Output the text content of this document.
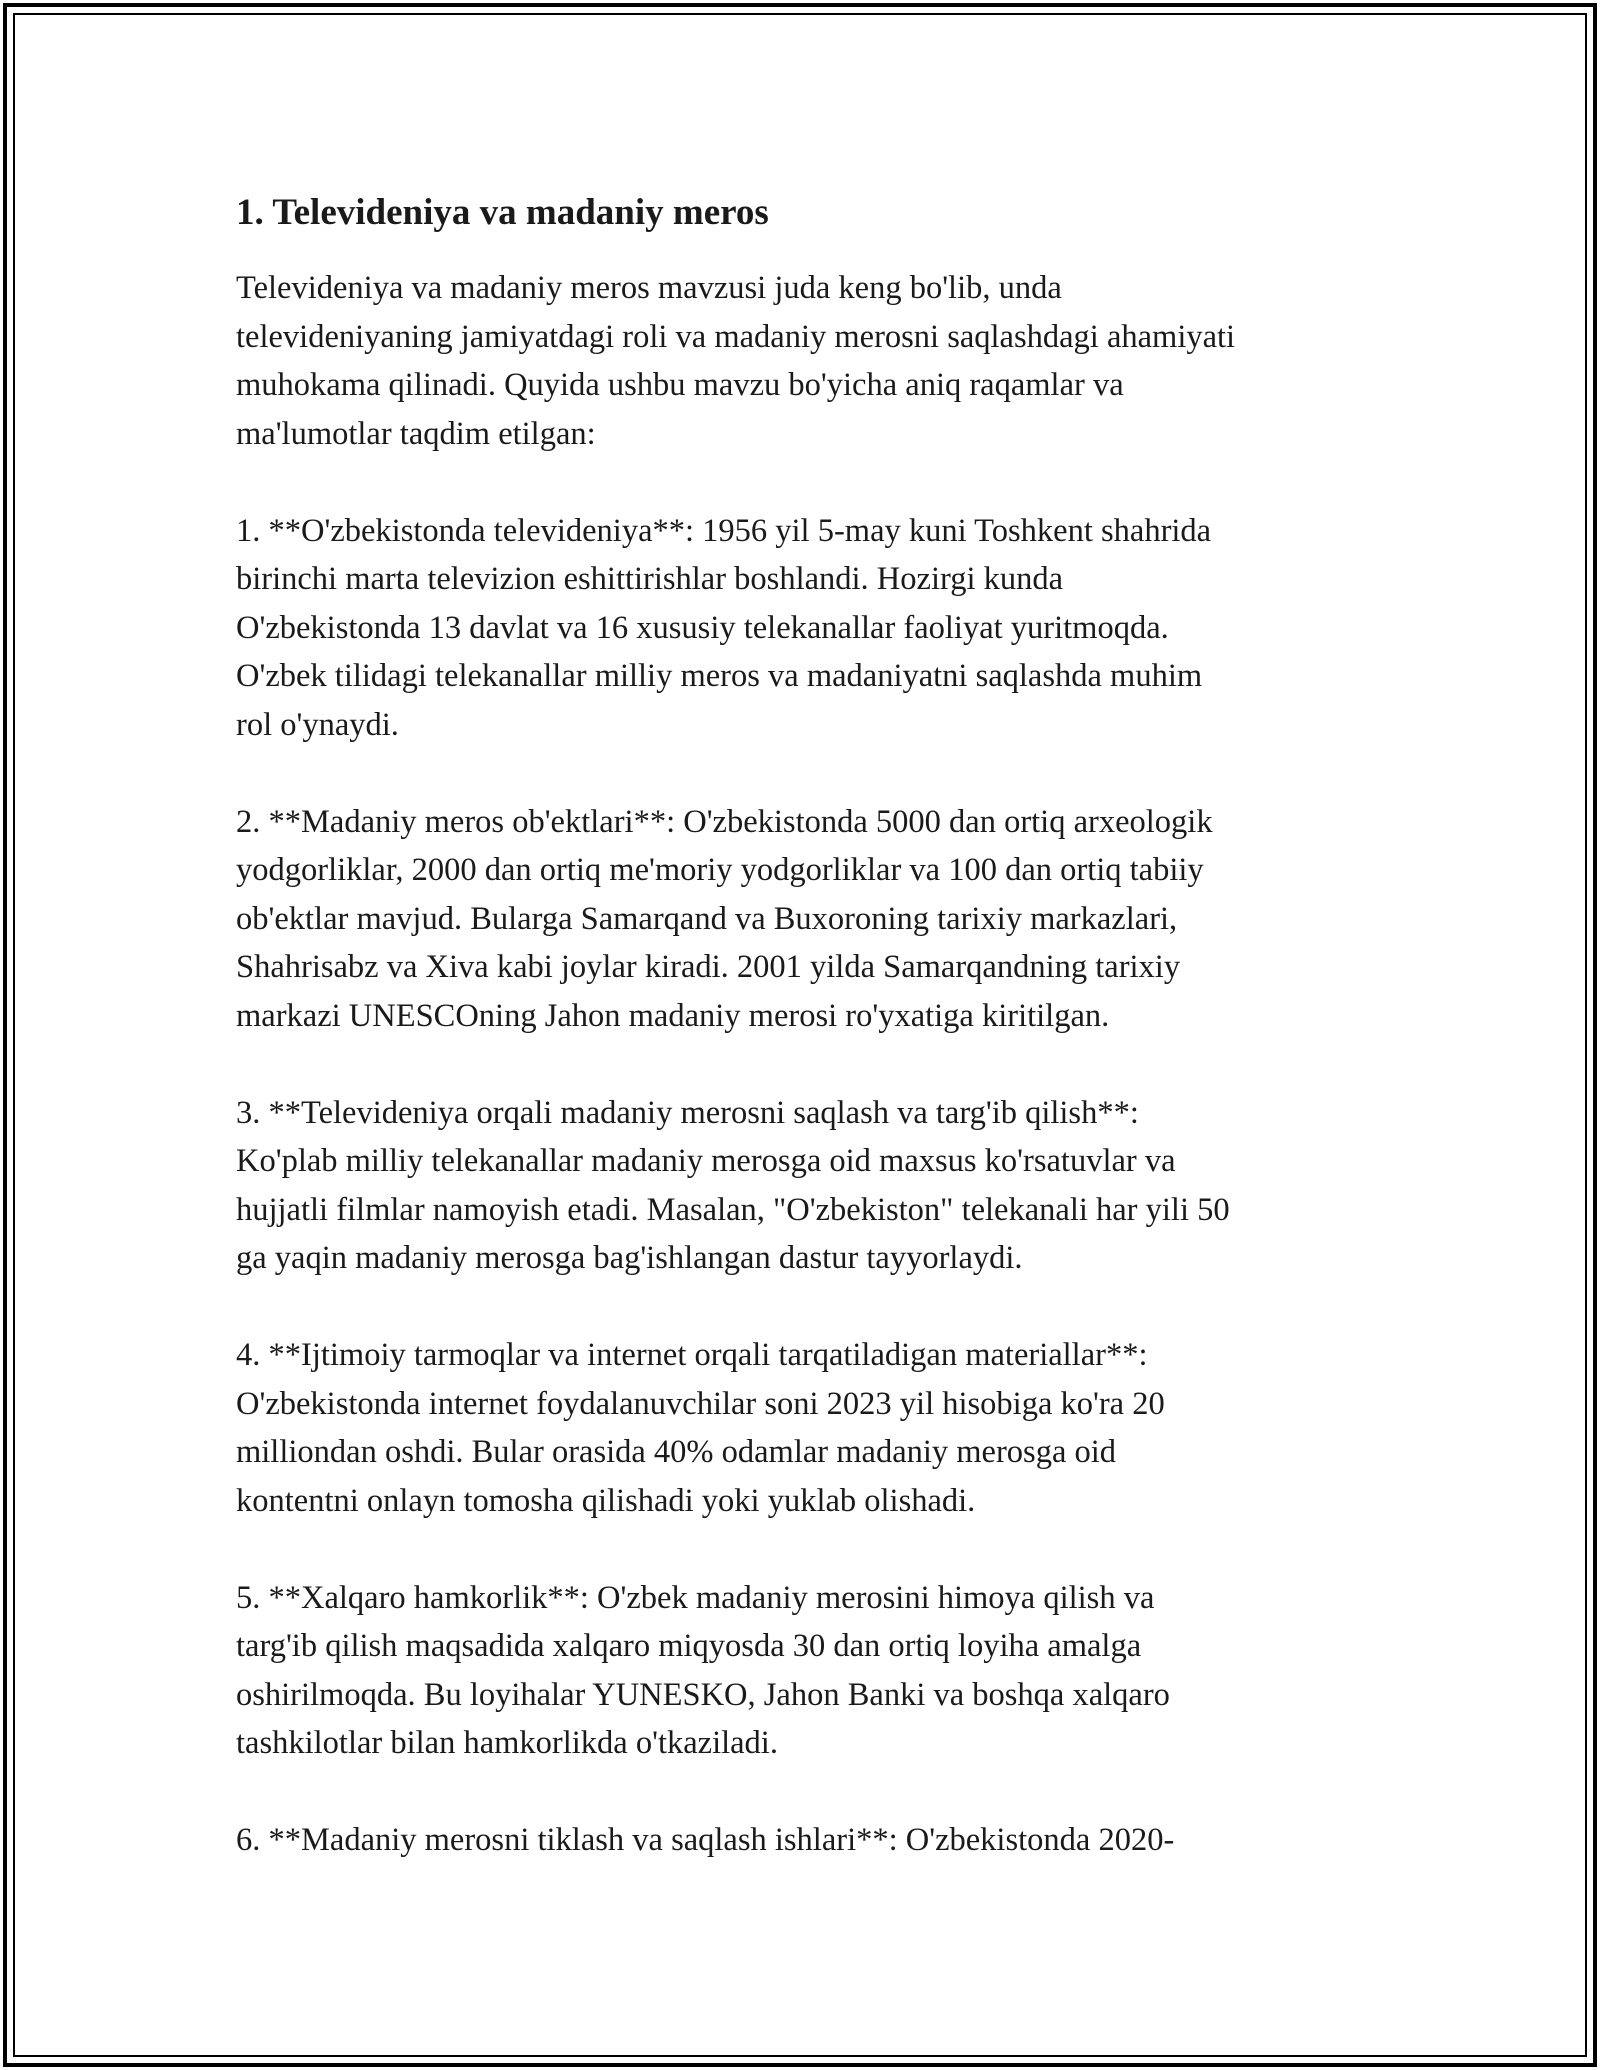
1. Televideniya va madaniy meros

Televideniya va madaniy meros mavzusi juda keng bo'lib, unda
televideniyaning jamiyatdagi roli va madaniy merosni saqlashdagi ahamiyati
muhokama qilinadi. Quyida ushbu mavzu bo'yicha aniq raqamlar va
ma'lumotlar taqdim etilgan:

1. **O'zbekistonda televideniya**: 1956 yil 5-may kuni Toshkent shahrida
birinchi marta televizion eshittirishlar boshlandi. Hozirgi kunda
O'zbekistonda 13 davlat va 16 xususiy telekanallar faoliyat yuritmoqda.
O'zbek tilidagi telekanallar milliy meros va madaniyatni saqlashda muhim
rol o'ynaydi.

2. **Madaniy meros ob'ektlari**: O'zbekistonda 5000 dan ortiq arxeologik
yodgorliklar, 2000 dan ortiq me'moriy yodgorliklar va 100 dan ortiq tabiiy
ob'ektlar mavjud. Bularga Samarqand va Buxoroning tarixiy markazlari,
Shahrisabz va Xiva kabi joylar kiradi. 2001 yilda Samarqandning tarixiy
markazi UNESCOning Jahon madaniy merosi ro'yxatiga kiritilgan.

3. **Televideniya orqali madaniy merosni saqlash va targ'ib qilish**:
Ko'plab milliy telekanallar madaniy merosga oid maxsus ko'rsatuvlar va
hujjatli filmlar namoyish etadi. Masalan, "O'zbekiston" telekanali har yili 50
ga yaqin madaniy merosga bag'ishlangan dastur tayyorlaydi.

4. **Ijtimoiy tarmoqlar va internet orqali tarqatiladigan materiallar**:
O'zbekistonda internet foydalanuvchilar soni 2023 yil hisobiga ko'ra 20
milliondan oshdi. Bular orasida 40% odamlar madaniy merosga oid
kontentni onlayn tomosha qilishadi yoki yuklab olishadi.

5. **Xalqaro hamkorlik**: O'zbek madaniy merosini himoya qilish va
targ'ib qilish maqsadida xalqaro miqyosda 30 dan ortiq loyiha amalga
oshirilmoqda. Bu loyihalar YUNESKO, Jahon Banki va boshqa xalqaro
tashkilotlar bilan hamkorlikda o'tkaziladi.

6. **Madaniy merosni tiklash va saqlash ishlari**: O'zbekistonda 2020-
